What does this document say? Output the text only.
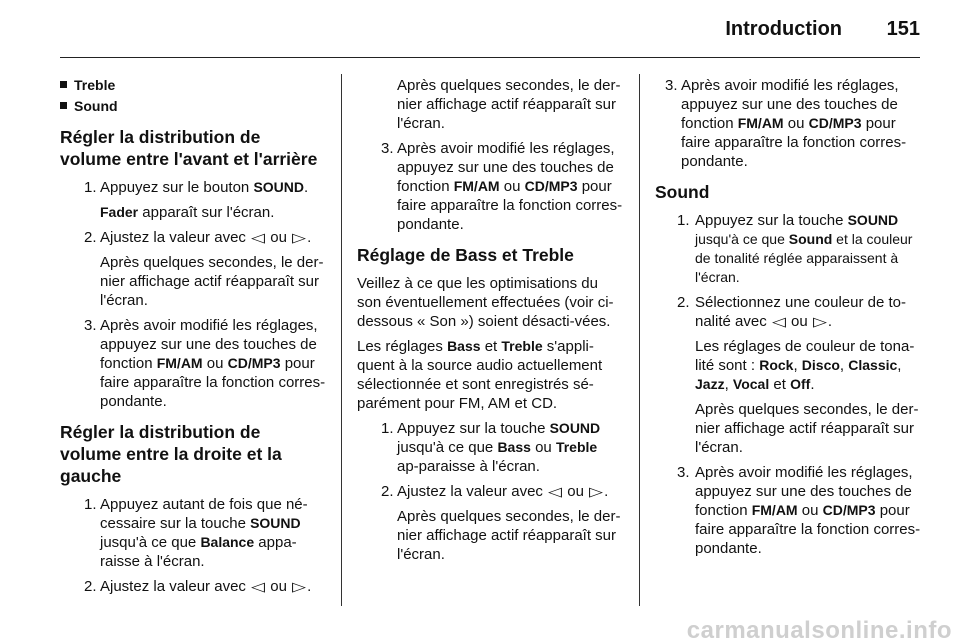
Introduction 151
Treble
Sound
Régler la distribution de volume entre l'avant et l'arrière
1. Appuyez sur le bouton SOUND.
Fader apparaît sur l'écran.
2. Ajustez la valeur avec ◁ ou ▷.
Après quelques secondes, le der-nier affichage actif réapparaît sur l'écran.
3. Après avoir modifié les réglages, appuyez sur une des touches de fonction FM/AM ou CD/MP3 pour faire apparaître la fonction corres-pondante.
Régler la distribution de volume entre la droite et la gauche
1. Appuyez autant de fois que né-cessaire sur la touche SOUND jusqu'à ce que Balance appa-raisse à l'écran.
2. Ajustez la valeur avec ◁ ou ▷.
Après quelques secondes, le der-nier affichage actif réapparaît sur l'écran.
3. Après avoir modifié les réglages, appuyez sur une des touches de fonction FM/AM ou CD/MP3 pour faire apparaître la fonction corres-pondante.
Réglage de Bass et Treble

Veillez à ce que les optimisations du son éventuellement effectuées (voir ci-dessous « Son ») soient désacti-vées.

Les réglages Bass et Treble s'appli-quent à la source audio actuellement sélectionnée et sont enregistrés sé-parément pour FM, AM et CD.

1. Appuyez sur la touche SOUND jusqu'à ce que Bass ou Treble ap-paraisse à l'écran.
2. Ajustez la valeur avec ◁ ou ▷.
Après quelques secondes, le der-nier affichage actif réapparaît sur l'écran.
3. Après avoir modifié les réglages, appuyez sur une des touches de fonction FM/AM ou CD/MP3 pour faire apparaître la fonction corres-pondante.
Sound
1. Appuyez sur la touche SOUND jusqu'à ce que Sound et la couleur de tonalité réglée apparaissent à l'écran.
2. Sélectionnez une couleur de to-nalité avec ◁ ou ▷.
Les réglages de couleur de tona-lité sont : Rock, Disco, Classic, Jazz, Vocal et Off.
Après quelques secondes, le der-nier affichage actif réapparaît sur l'écran.
3. Après avoir modifié les réglages, appuyez sur une des touches de fonction FM/AM ou CD/MP3 pour faire apparaître la fonction corres-pondante.
carmanualsonline.info
